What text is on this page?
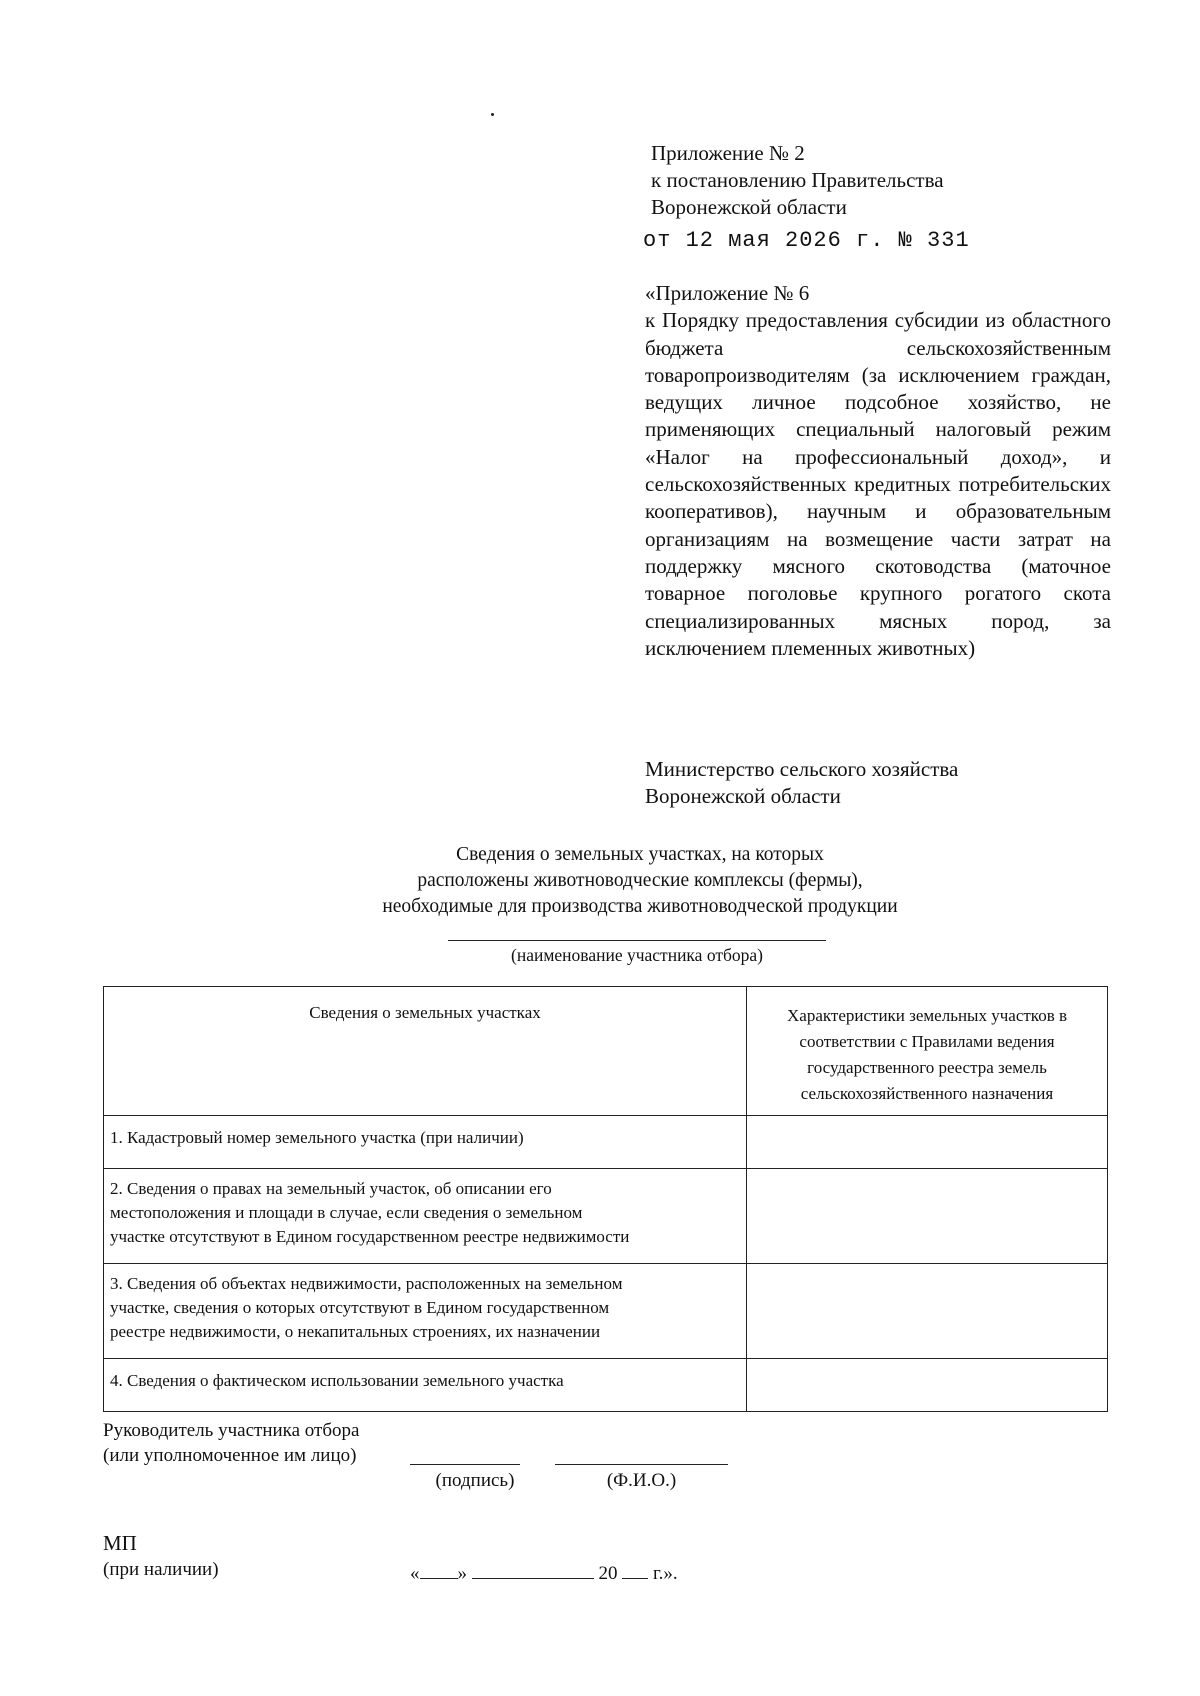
Приложение № 2
к постановлению Правительства
Воронежской области
от 12 мая 2026 г. № 331
«Приложение № 6
к Порядку предоставления субсидии из областного бюджета сельскохозяйственным товаропроизводителям (за исключением граждан, ведущих личное подсобное хозяйство, не применяющих специальный налоговый режим «Налог на профессиональный доход», и сельскохозяйственных кредитных потребительских кооперативов), научным и образовательным организациям на возмещение части затрат на поддержку мясного скотоводства (маточное товарное поголовье крупного рогатого скота специализированных мясных пород, за исключением племенных животных)
Министерство сельского хозяйства
Воронежской области
Сведения о земельных участках, на которых
расположены животноводческие комплексы (фермы),
необходимые для производства животноводческой продукции
(наименование участника отбора)
Сведения о земельных участках	Характеристики земельных участков в соответствии с Правилами ведения государственного реестра земель сельскохозяйственного назначения

1. Кадастровый номер земельного участка (при наличии)	

2. Сведения о правах на земельный участок, об описании его
местоположения и площади в случае, если сведения о земельном
участке отсутствуют в Едином государственном реестре недвижимости	

3. Сведения об объектах недвижимости, расположенных на земельном
участке, сведения о которых отсутствуют в Едином государственном
реестре недвижимости, о некапитальных строениях, их назначении	

4. Сведения о фактическом использовании земельного участка	

Руководитель участника отбора
(или уполномоченное им лицо)
(подпись)	(Ф.И.О.)
МП
(при наличии)	« »	20 г.».
